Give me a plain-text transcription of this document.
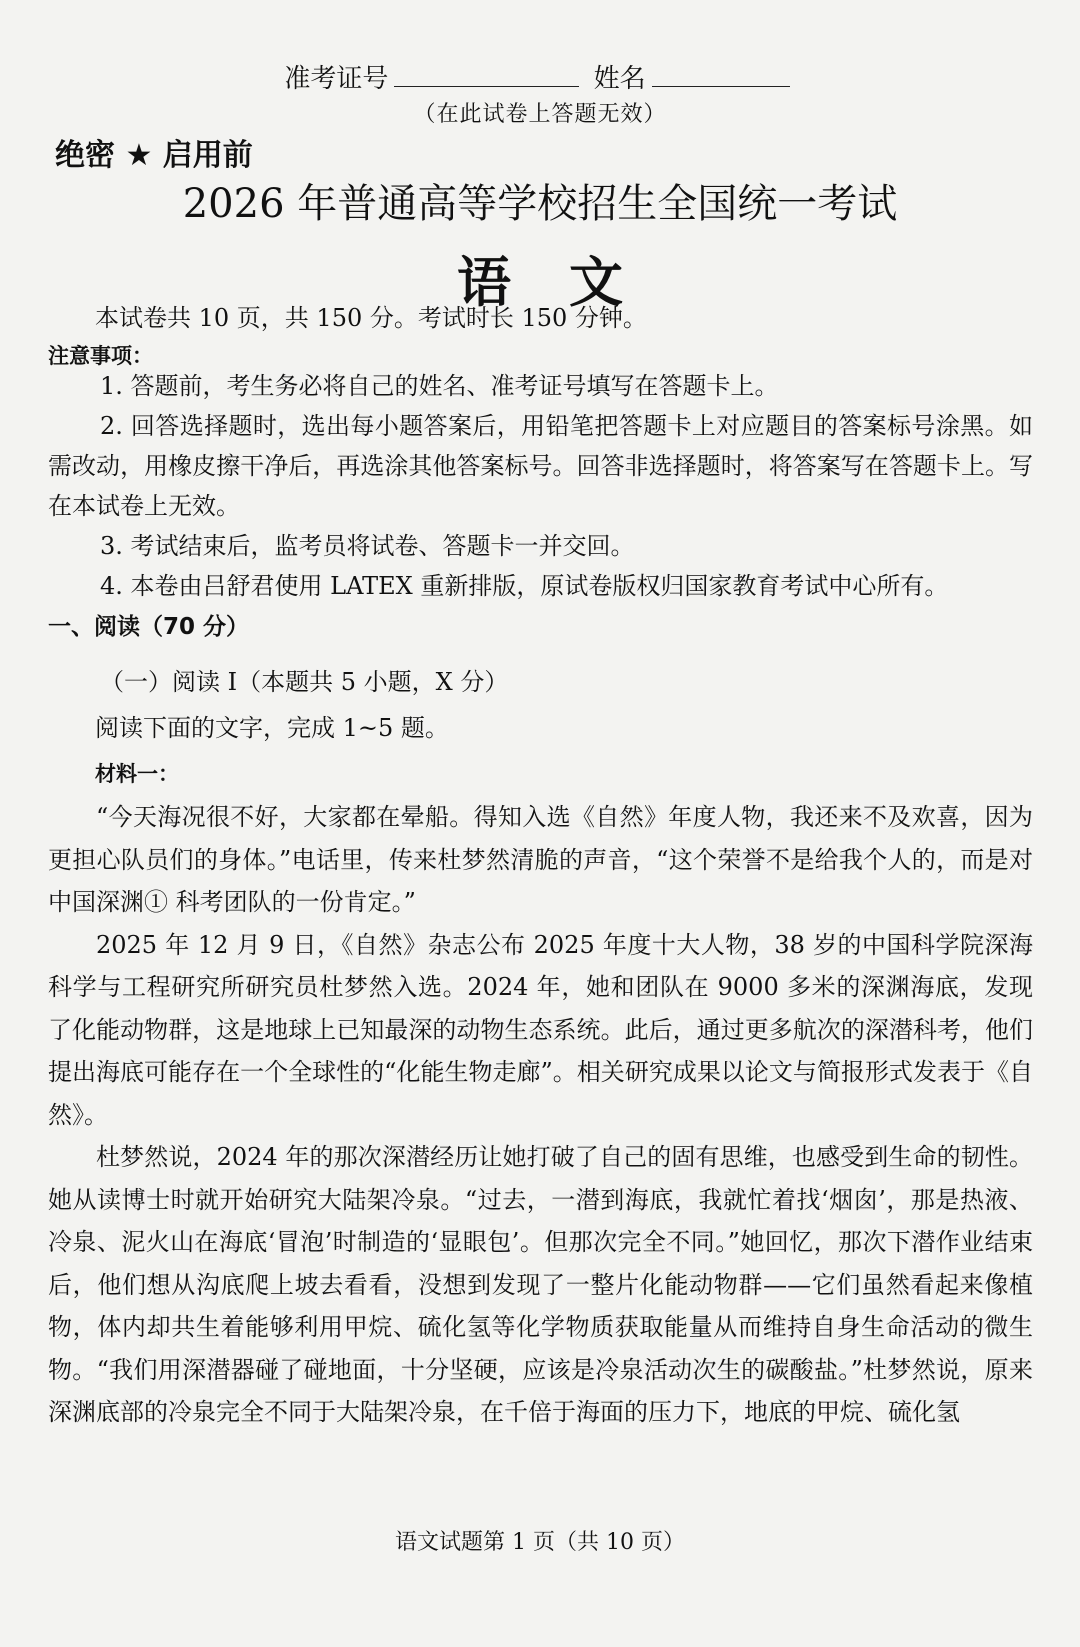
准考证号	姓名
（在此试卷上答题无效）
绝密 ★ 启用前
2026 年普通高等学校招生全国统一考试
语文
本试卷共 10 页，共 150 分。考试时长 150 分钟。
注意事项：

1. 答题前，考生务必将自己的姓名、准考证号填写在答题卡上。

2. 回答选择题时，选出每小题答案后，用铅笔把答题卡上对应题目的答案标号涂黑。如需改动，用橡皮擦干净后，再选涂其他答案标号。回答非选择题时，将答案写在答题卡上。写在本试卷上无效。

3. 考试结束后，监考员将试卷、答题卡一并交回。

4. 本卷由吕舒君使用 LATEX 重新排版，原试卷版权归国家教育考试中心所有。

一、阅读（70 分）
（一）阅读 I（本题共 5 小题，X 分）
阅读下面的文字，完成 1~5 题。
材料一：

“今天海况很不好，大家都在晕船。得知入选《自然》年度人物，我还来不及欢喜，因为更担心队员们的身体。”电话里，传来杜梦然清脆的声音，“这个荣誉不是给我个人的，而是对中国深渊① 科考团队的一份肯定。”

2025 年 12 月 9 日，《自然》杂志公布 2025 年度十大人物，38 岁的中国科学院深海科学与工程研究所研究员杜梦然入选。2024 年，她和团队在 9000 多米的深渊海底，发现了化能动物群，这是地球上已知最深的动物生态系统。此后，通过更多航次的深潜科考，他们提出海底可能存在一个全球性的“化能生物走廊”。相关研究成果以论文与简报形式发表于《自然》。

杜梦然说，2024 年的那次深潜经历让她打破了自己的固有思维，也感受到生命的韧性。她从读博士时就开始研究大陆架冷泉。“过去，一潜到海底，我就忙着找‘烟囱’，那是热液、冷泉、泥火山在海底‘冒泡’时制造的‘显眼包’。但那次完全不同。”她回忆，那次下潜作业结束后，他们想从沟底爬上坡去看看，没想到发现了一整片化能动物群——它们虽然看起来像植物，体内却共生着能够利用甲烷、硫化氢等化学物质获取能量从而维持自身生命活动的微生物。“我们用深潜器碰了碰地面，十分坚硬，应该是冷泉活动次生的碳酸盐。”杜梦然说，原来深渊底部的冷泉完全不同于大陆架冷泉，在千倍于海面的压力下，地底的甲烷、硫化氢

语文试题第 1 页（共 10 页）
